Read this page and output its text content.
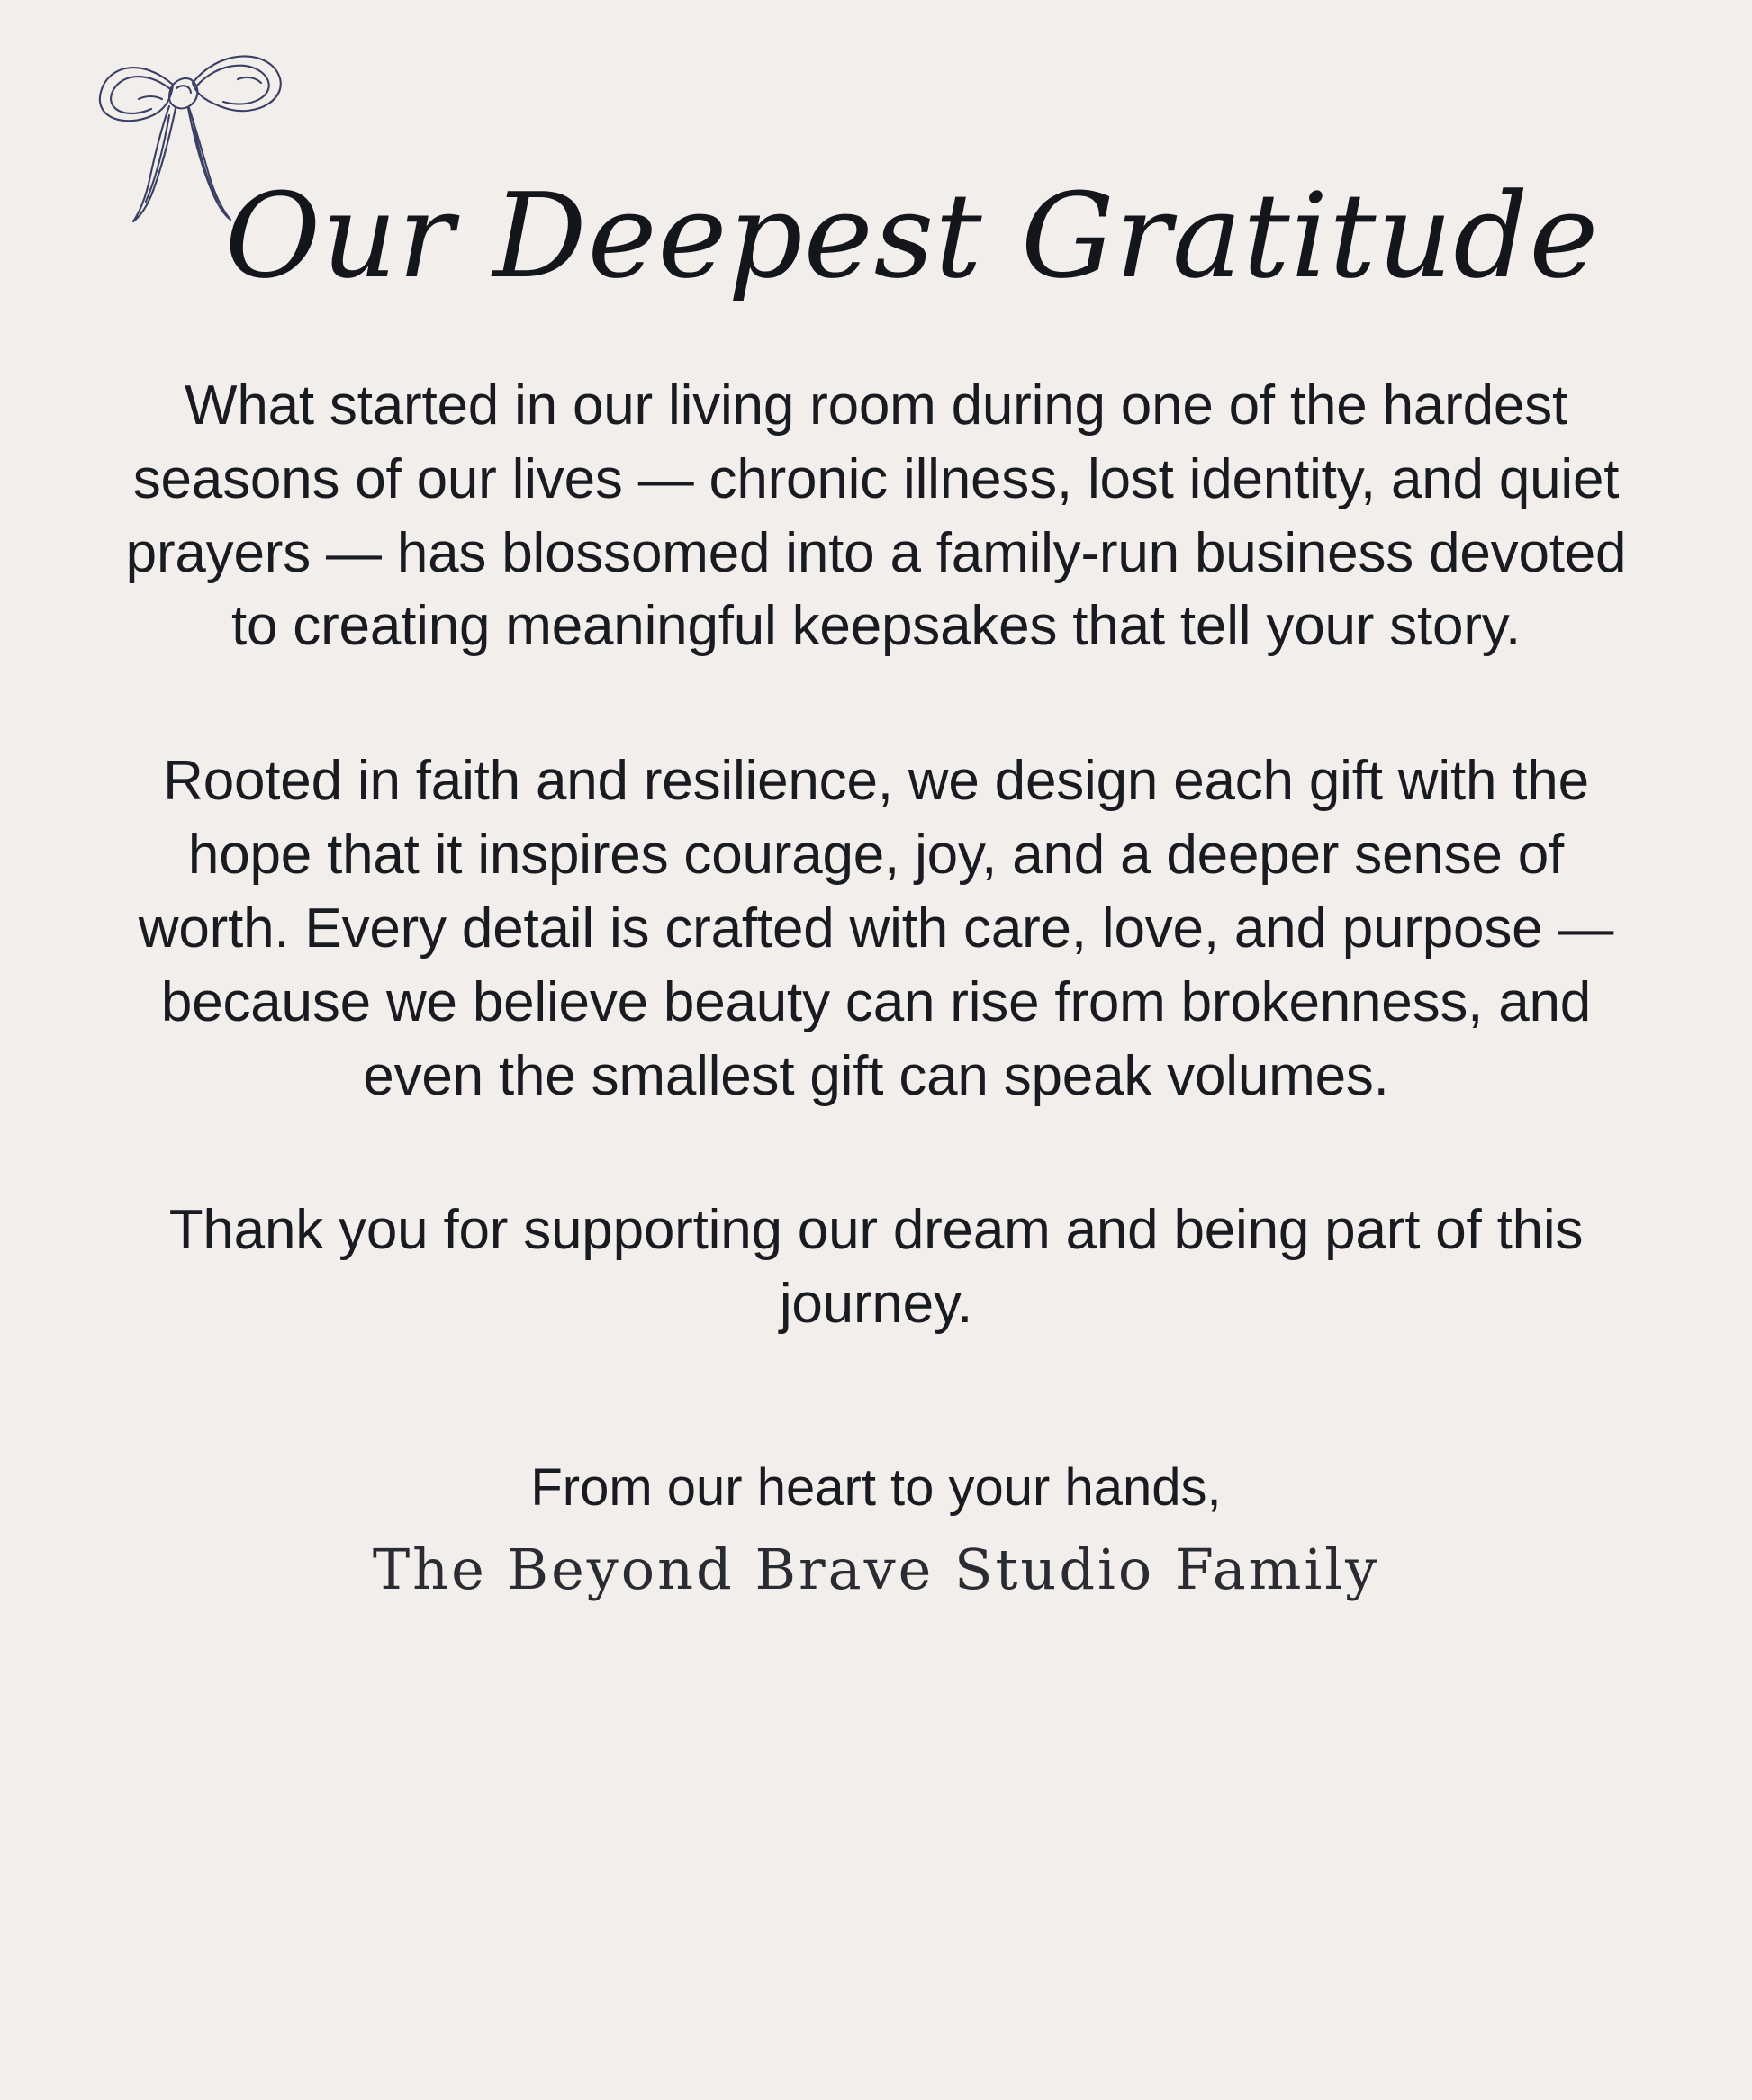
Our Deepest Gratitude

What started in our living room during one of the hardest seasons of our lives — chronic illness, lost identity, and quiet prayers — has blossomed into a family-run business devoted to creating meaningful keepsakes that tell your story.

Rooted in faith and resilience, we design each gift with the hope that it inspires courage, joy, and a deeper sense of worth. Every detail is crafted with care, love, and purpose — because we believe beauty can rise from brokenness, and even the smallest gift can speak volumes.

Thank you for supporting our dream and being part of this journey.

From our heart to your hands,
The Beyond Brave Studio Family
